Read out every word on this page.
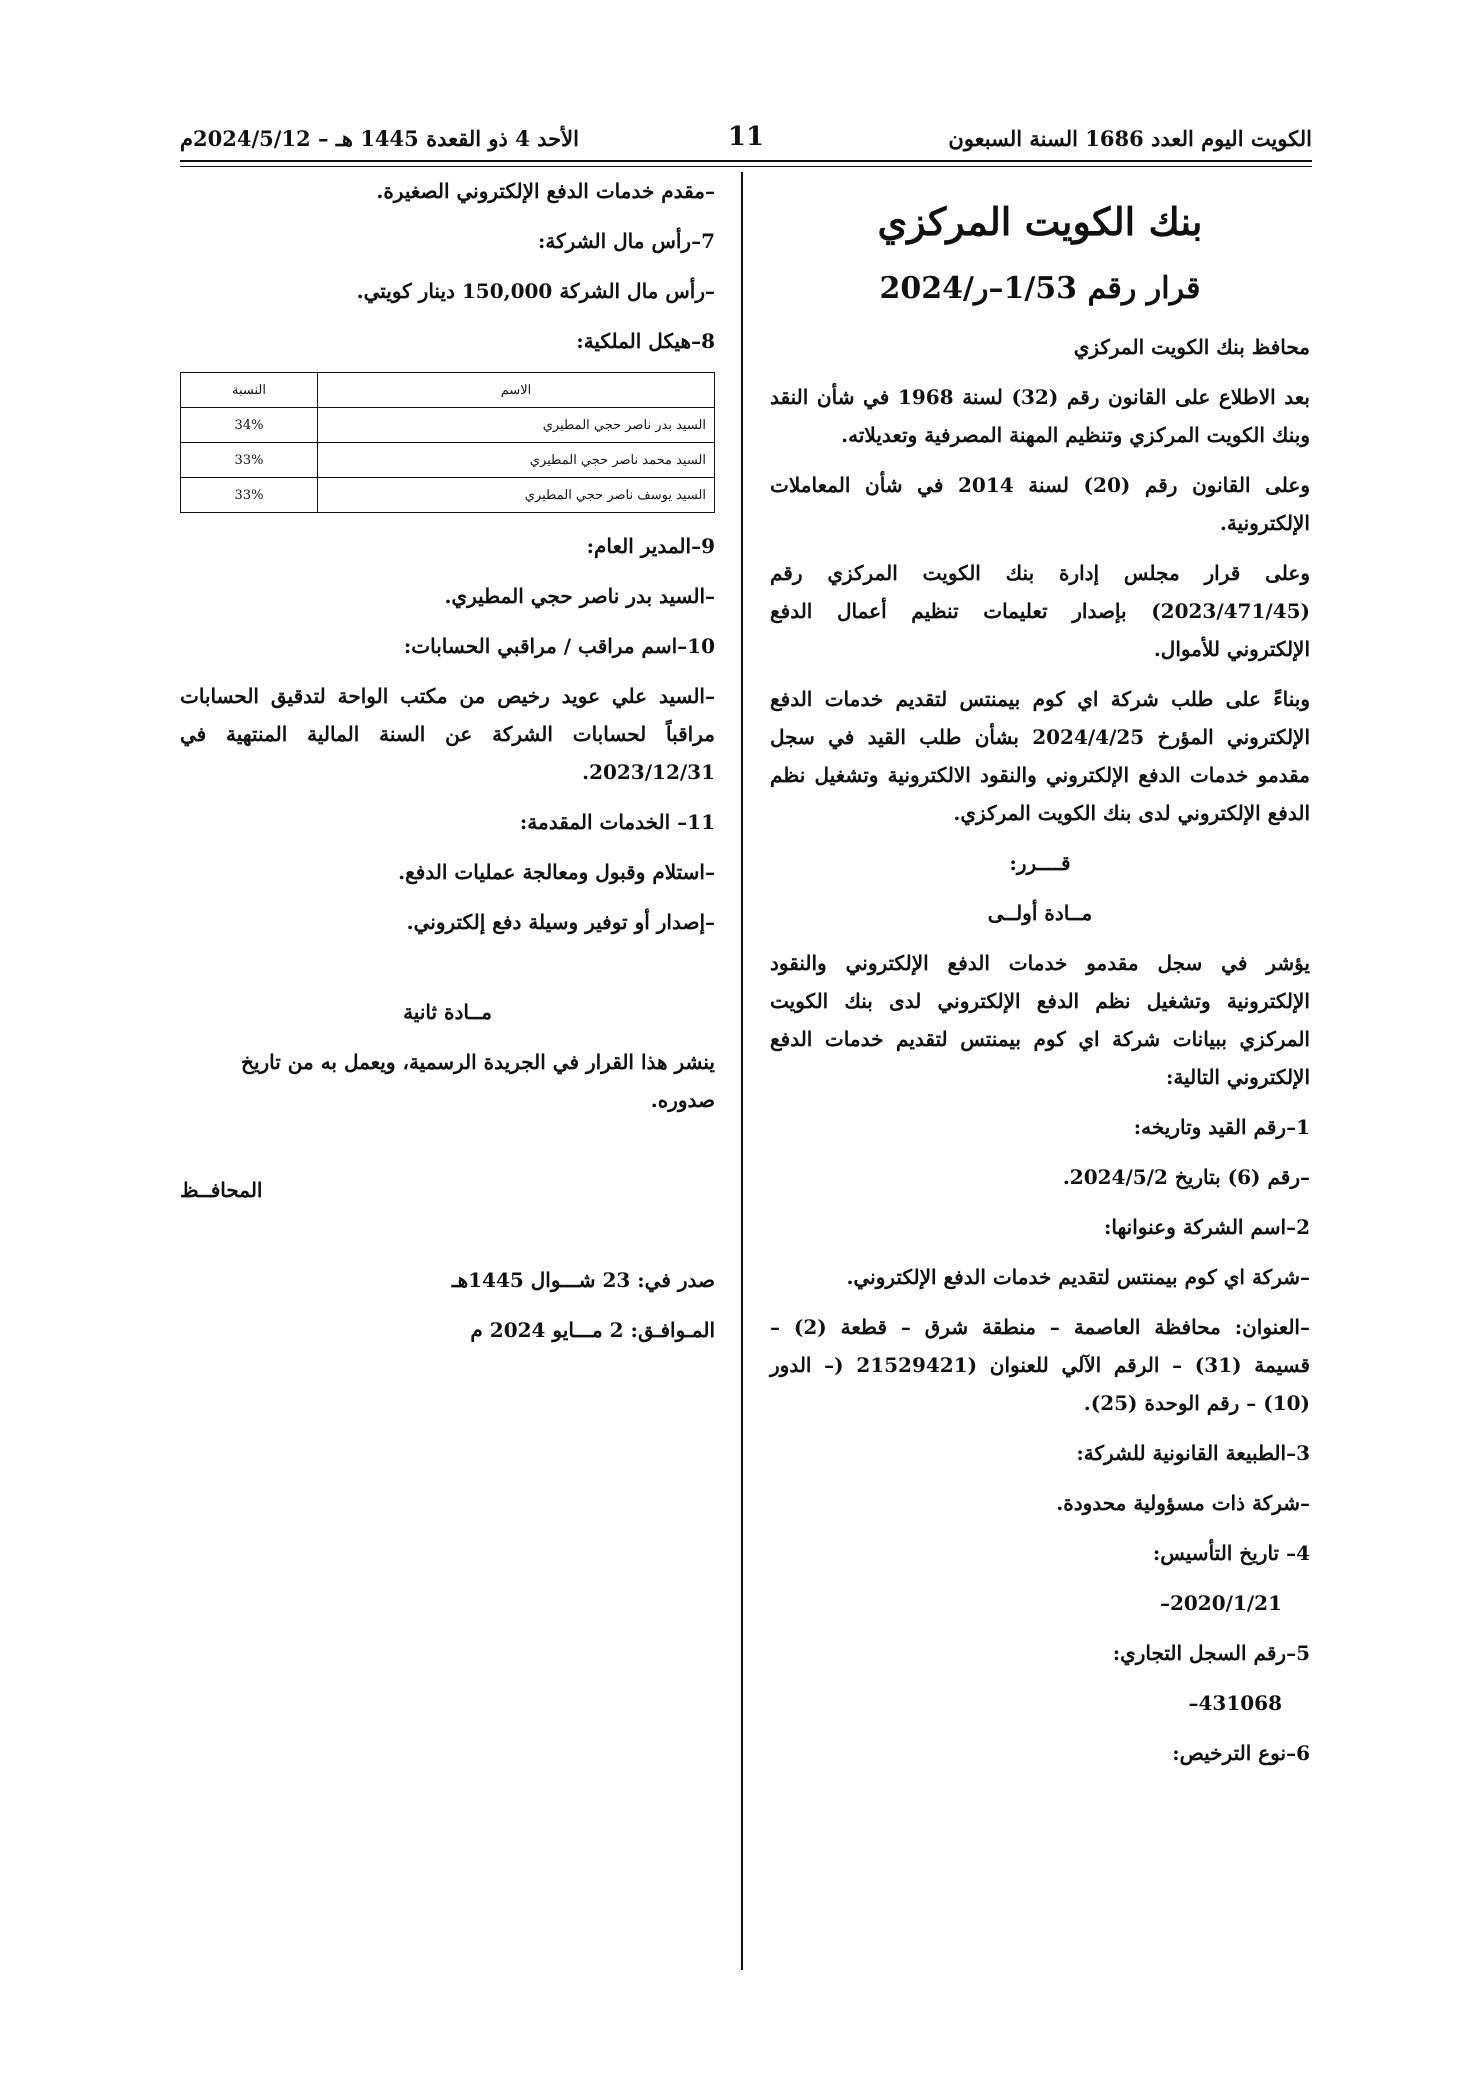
الكويت اليوم العدد 1686 السنة السبعون
11
الأحد 4 ذو القعدة 1445 هـ – 2024/5/12م
بنك الكويت المركزي
قرار رقم 1/53–ر/2024
محافظ بنك الكويت المركزي
بعد الاطلاع على القانون رقم (32) لسنة 1968 في شأن النقد وبنك الكويت المركزي وتنظيم المهنة المصرفية وتعديلاته.
وعلى القانون رقم (20) لسنة 2014 في شأن المعاملات الإلكترونية.
وعلى قرار مجلس إدارة بنك الكويت المركزي رقم (2023/471/45) بإصدار تعليمات تنظيم أعمال الدفع الإلكتروني للأموال.
وبناءً على طلب شركة اي كوم بيمنتس لتقديم خدمات الدفع الإلكتروني المؤرخ 2024/4/25 بشأن طلب القيد في سجل مقدمو خدمات الدفع الإلكتروني والنقود الالكترونية وتشغيل نظم الدفع الإلكتروني لدى بنك الكويت المركزي.
قــــرر:
مــادة أولــى
يؤشر في سجل مقدمو خدمات الدفع الإلكتروني والنقود الإلكترونية وتشغيل نظم الدفع الإلكتروني لدى بنك الكويت المركزي ببيانات شركة اي كوم بيمنتس لتقديم خدمات الدفع الإلكتروني التالية:
1–رقم القيد وتاريخه:
–رقم (6) بتاريخ 2024/5/2.
2–اسم الشركة وعنوانها:
–شركة اي كوم بيمنتس لتقديم خدمات الدفع الإلكتروني.
–العنوان: محافظة العاصمة – منطقة شرق – قطعة (2) – قسيمة (31) – الرقم الآلي للعنوان (21529421 (– الدور (10) – رقم الوحدة (25).
3–الطبيعة القانونية للشركة:
–شركة ذات مسؤولية محدودة.
4– تاريخ التأسيس:
2020/1/21–
5–رقم السجل التجاري:
431068–
6–نوع الترخيص:
–مقدم خدمات الدفع الإلكتروني الصغيرة.
7–رأس مال الشركة:
–رأس مال الشركة 150,000 دينار كويتي.
8–هيكل الملكية:
الاسم	النسبة
السيد بدر ناصر حجي المطيري	34%
السيد محمد ناصر حجي المطيري	33%
السيد يوسف ناصر حجي المطيري	33%
9–المدير العام:
–السيد بدر ناصر حجي المطيري.
10–اسم مراقب / مراقبي الحسابات:
–السيد علي عويد رخيص من مكتب الواحة لتدقيق الحسابات مراقباً لحسابات الشركة عن السنة المالية المنتهية في 2023/12/31.
11– الخدمات المقدمة:
–استلام وقبول ومعالجة عمليات الدفع.
–إصدار أو توفير وسيلة دفع إلكتروني.
مــادة ثانية
ينشر هذا القرار في الجريدة الرسمية، ويعمل به من تاريخ صدوره.
المحافــظ
صدر في: 23 شـــوال 1445هـ
المـوافـق: 2 مـــايو 2024 م
